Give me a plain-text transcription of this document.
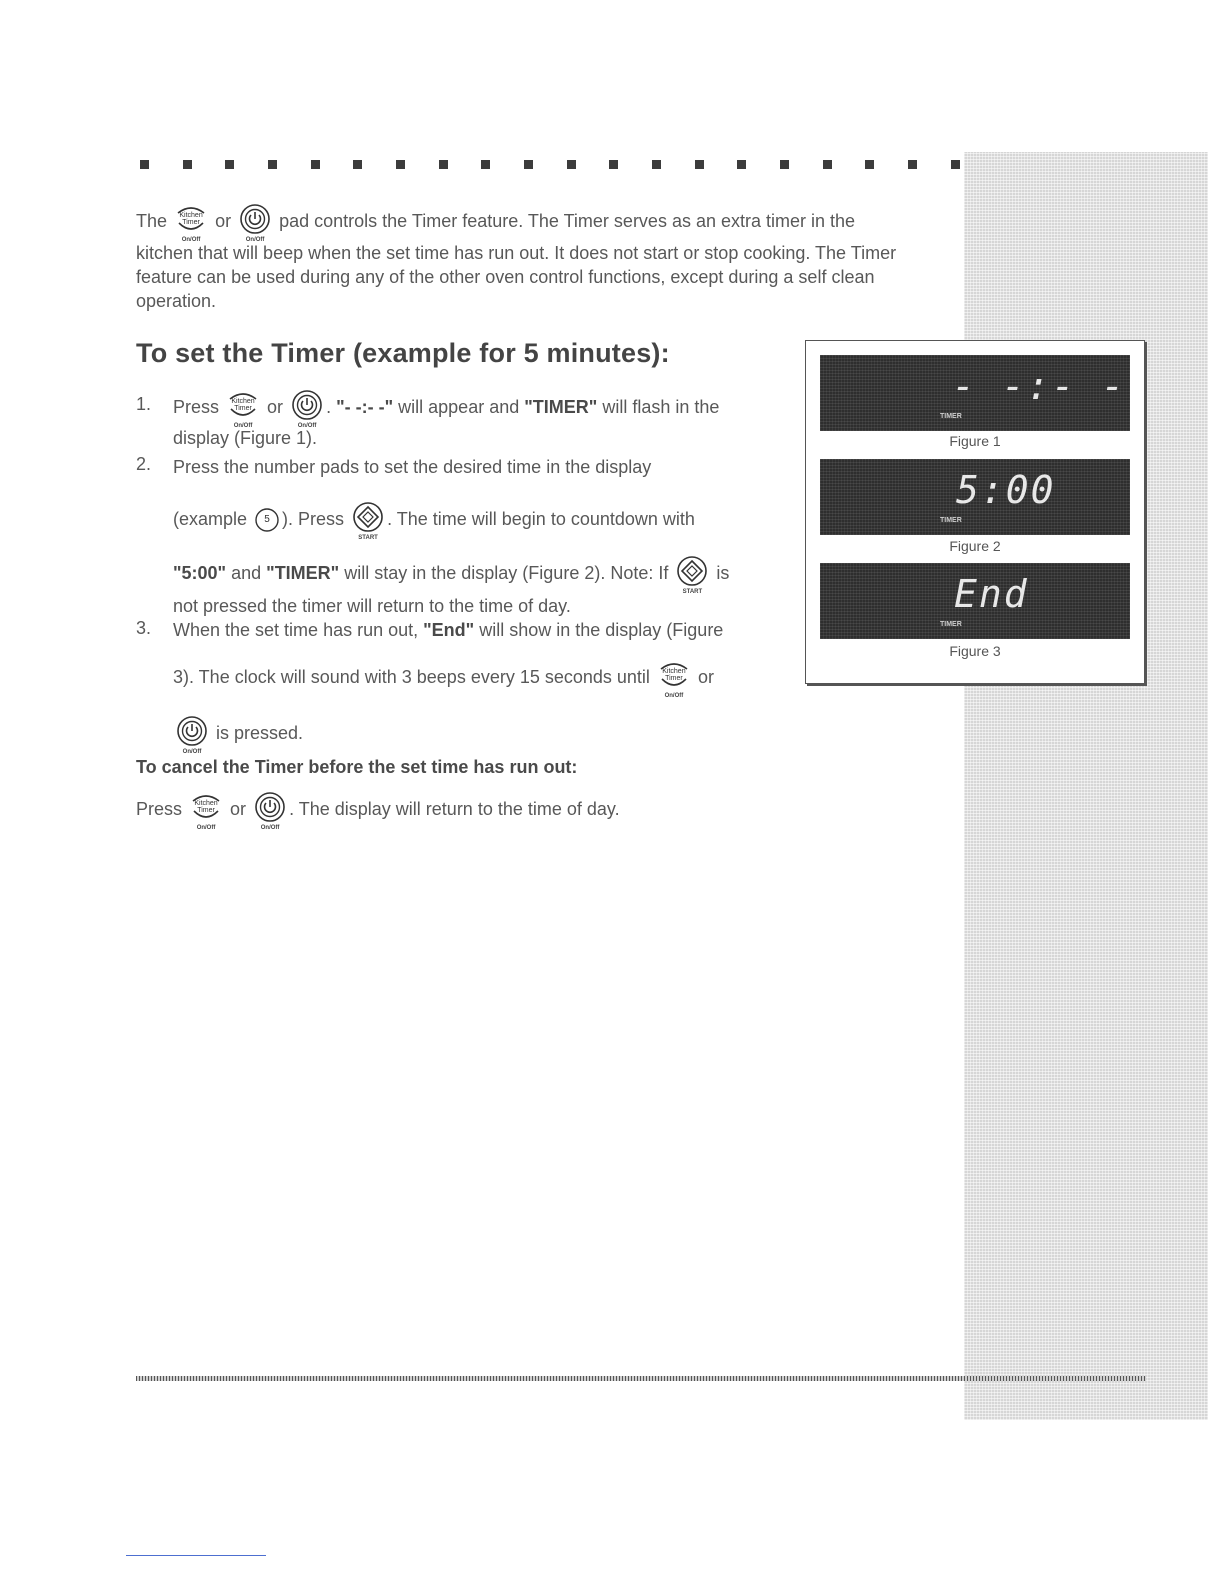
The	Kitchen
Timer
On/Off
or
On/Off
pad controls the Timer feature. The Timer serves as an extra timer in the
kitchen that will beep when the set time has run out. It does not start or stop cooking. The Timer feature can be used during any of the other oven control functions, except during a self clean operation.
To set the Timer (example for 5 minutes):
1. Press	Kitchen
Timer
On/Off
or
On/Off
. "- -:- -" will appear and "TIMER" will flash in the

display (Figure 1).

2. Press the number pads to set the desired time in the display

(example	5 ). Press
START
. The time will begin to countdown with

"5:00" and "TIMER" will stay in the display (Figure 2). Note: If
START
is

not pressed the timer will return to the time of day.

3. When the set time has run out, "End" will show in the display (Figure

3). The clock will sound with 3 beeps every 15 seconds until	Kitchen
Timer
On/Off
or

On/Off
is pressed.

To cancel the Timer before the set time has run out:

Press	Kitchen
Timer
On/Off
or
On/Off
. The display will return to the time of day.

- -:- -
TIMER
Figure 1
5:00
TIMER
Figure 2
End
TIMER
Figure 3
